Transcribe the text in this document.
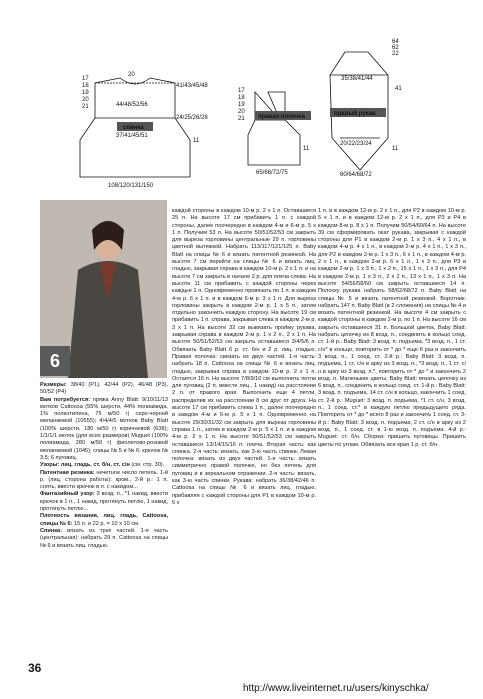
20
44/48/52/56
41/43/45/48
24/25/26/28
37/41/45/51
11
108/120/131/150
17
18
19
20
21
спинка
17
18
19
20
21
11
65/68/72/75
правая полочка
64
62
22
35/38/41/44
41
20/22/23/24
11
60/64/68/72
правый рукав
6

Размеры: 38/40 (P1), 42/44 (P2), 46/48 (P3), 50/52 (P4)

Вам потребуется: пряжа Anny Blatt: 9/10/11/13 мотков Cattoosa (55% шерсти, 44% полиамида, 1% полиэтилена, 75 м/50 г) серо-черной меланжевой (10555); 4/4/4/5 мотков Baby Blatt (100% шерсти, 180 м/50 г) коричневой (638); 1/1/1/1 моток (для всех размеров) Muguet (100% полиамида, 280 м/50 г) фиолетово-розовой меланжевой (1045); спицы № 5 и № 6; крючок № 3,5; 6 пуговиц.

Узоры: лиц. гладь, ст. б/н, ст. с/н (см. стр. 30).

Патентная резинка: нечетное число петель. 1-й р. (лиц. сторона работы): кром., 2-й р.: 1 п. снять, ввести крючок в п. с накидом...

Фантазийный узор: 3 возд. п., *1 накид, ввести крючок в 1 п., 1 накид, протянуть петлю, 1 накид, протянуть петлю...

Плотность вязания, лиц. гладь, Cattoosa, спицы № 6: 15 п. и 22 р. = 10 х 10 см.

Спинка: вязать из трех частей. 1-я часть (центральная): набрать 29 п. Cattoosa на спицы № 6 и вязать лиц. гладью.

кaждой стороны в каждом 10-м р. 2 х 1 п. Оставшиеся 25 п. На высоте 17 см прибавить 1 п. с каждой стороны, далее поочередно в каждом 4-м и 6-м р. 5 х 1 п. Получим 53 п. На высоте 50/51/52/53 см закрыть для выреза горловины центральные 29 п. горловины цветной вытяжкой. Набрать 113/117/121/125 п. Baby Blatt на спицы № 6 и вязать патентной резинкой. На высоте 7 см перейти на спицы № 6 и вязать лиц. гладью, закрывая справа в каждом 10-м р. 2 х 1 п. и на высоте 7 см закрыть в начале 2 р. для плеча слева. На высоте 11 см прибавить с каждой стороны через каждые 1 п. Одновременно провязать по 1 п. в каждом 4-м р. 6 х 1 п. и в каждом 6-м р. 3 х 1 п. Для выреза горловины закрыть в каждом 2-м р. 1 х 5 п., затем отдельно закончить каждую сторону. На высоте 19 см прибавить 1 п. справа, закрывая слева в каждом 2-м р. 3 х 1 п. На высоте 32 см вывязать пройму рукава, закрывая справа в каждом 2-м р. 1 х 2 п., 2 х 1 п. На высоте 50/51/52/53 см закрыть оставшиеся 3/4/5/6 п. Обвязать Baby Blatt 6 р. ст. б/н и 2 р. лиц. гладью. Правая полочка: связать из двух частей. 1-я часть: набрать 18 п. Cattoosa на спицы № 6 и вязать лиц. гладью, закрывая справа в каждом 10-м р. 2 х 1 п. Остается 16 п. На высоте 7/8/9/10 см выполнить петли для пуговиц (2 п. вместе лиц., 1 накид) на расстоянии 2 п. от правого края. Выполнить еще 4 петли, распределив их на расстоянии 8 см друг от друга. На высоте 17 см прибавить слева 1 п., далее поочередно в каждом 4-м и 6-м р. 5 х 1 п. Одновременно на высоте 29/30/31/32 см закрыть для выреза горловины справа 1 п., затем в каждом 2-м р. 5 х 1 п. и в каждом 4-м р. 2 х 1 п. На высоте 50/51/52/53 см закрыть оставшиеся 13/14/15/16 п. плеча. Вторая часть: как спинка. 2-я часть: вязать, как 3-ю часть спинки. Левая полочка: вязать из двух частей. 1-я часть: вязать симметрично правой полочке, но без петель для пуговиц и в зеркальном отражении. 2-я часть: вязать, как 3-ю часть спинки. Рукава: набрать 36/38/42/46 п. Cattoosa на спицы № 6 и вязать лиц. гладью, прибавляя с каждой стороны для P1 в каждом 10-м р. 5 х
1 п. и в каждом 12-м р. 2 х 1 п., для P2 в каждом 10-м р. 5 х 1 п. и в каждом 12-м р. 2 х 1 п., для P3 и P4 в каждом 8-м р. 8 х 1 п. Получим 50/54/60/64 п. На высоте 39 см сформировать окат рукава, закрывая с каждой стороны для P1 в каждом 2-м р. 1 х 3 п., 4 х 1 п., в каждом 4-м р. 4 х 1 п., в каждом 2-м р. 4 х 1 п., 1 х 3 п., для P2 в каждом 2-м р. 1 х 3 п., 6 х 1 п., в каждом 4-м р. 2 х 1 п., в каждом 2-м р. 6 х 1 п., 1 х 3 п., для P3 в каждом 2-м р. 1 х 3 п., 1 х 2 п., 15 х 1 п., 1 х 3 п., для P4 в каждом 2-м р. 1 х 3 п., 2 х 2 п., 13 х 1 п., 1 х 3 п. На высоте 54/56/58/60 см закрыть оставшиеся 14 п. Полоску рукава набрать 58/62/68/72 п. Baby Blatt на спицы № 5 и вязать патентной резинкой. Воротник: набрать 147 п. Baby Blatt (в 2 сложения) на спицы № 4 и вязать патентной резинкой. На высоте 4 см закрыть с каждой стороны в каждом 2-м р. по 1 п. На высоте 16 см закрыть оставшиеся 31 п. Большой цветок, Baby Blatt: набрать цепочку из 8 возд. п., соединить в кольцо соед. ст. 1-й р.: Baby Blatt: 3 возд. п. подъема, *3 возд. п., 1 ст. с/н* в кольцо, повторить от * до * еще 6 раз и закончить 3 возд. п., 1 соед. ст. 2-й р.: Baby Blatt: 3 возд. п. подъема, 1 ст. с/н в арку из 3 возд. п., *3 возд. п., 1 ст. с/н в арку из 3 возд. п.*, повторить от * до * и закончить 2 возд. п. Маленькие цветы, Baby Blatt: вязать цепочку из 6 возд. п., соединить в кольцо соед. ст. 1-й р.: Baby Blatt: 3 возд. п. подъема, 14 ст. с/н в кольцо, закончить 1 соед. ст. 2-й р.: Muguet: 3 возд. п. подъема, *1 ст. с/н, 3 возд. п., 1 соед. ст.* в каждую петлю предыдущего ряда. Повторить от * до * всего 8 раз и закончить 1 соед. ст. 3-й р.: Baby Blatt: 3 возд. п. подъема, 2 ст. с/н в арку из 2 возд. п., 1 соед. ст. в 1-ю возд. п. подъема. 4-й р.: Muguet: ст. б/н. Сборка: пришить пуговицы. Пришить цветы по углам. Обвязать все края 1 р. ст. б/н.
36
http://www.liveinternet.ru/users/kinyschka/
